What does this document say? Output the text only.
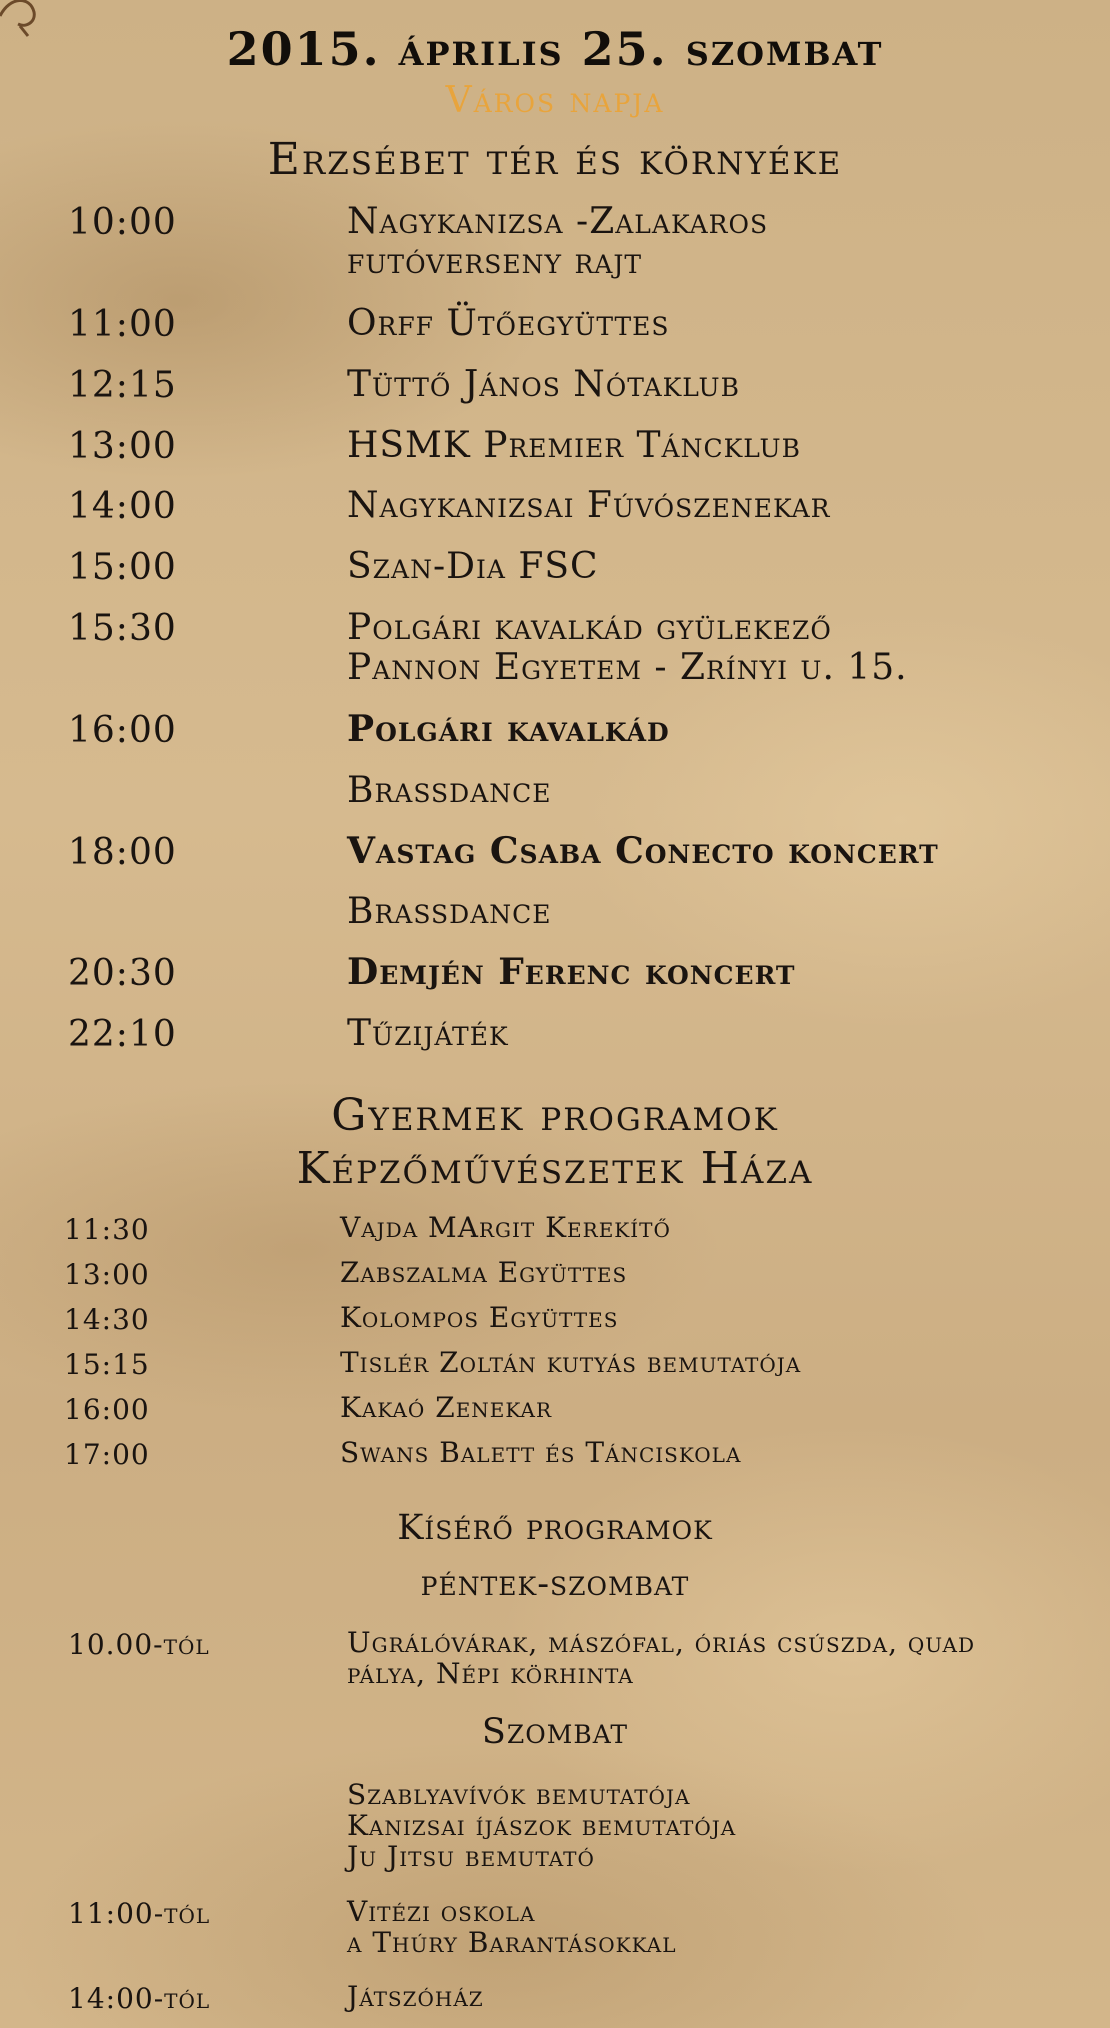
2015. április 25. szombat
Város napja
Erzsébet tér és környéke
10:00	Nagykanizsa -Zalakaros
futóverseny rajt
11:00	Orff Ütőegyüttes
12:15	Tüttő János Nótaklub
13:00	HSMK Premier Táncklub
14:00	Nagykanizsai Fúvószenekar
15:00	Szan-Dia FSC
15:30	Polgári kavalkád gyülekező
Pannon Egyetem - Zrínyi u. 15.
16:00	Polgári kavalkád
Brassdance
18:00	Vastag Csaba Conecto koncert
Brassdance
20:30	Demjén Ferenc koncert
22:10	Tűzijáték
Gyermek programok
Képzőművészetek Háza
11:30	Vajda MArgit Kerekítő
13:00	Zabszalma Együttes
14:30	Kolompos Együttes
15:15	Tislér Zoltán kutyás bemutatója
16:00	Kakaó Zenekar
17:00	Swans Balett és Tánciskola
Kísérő programok
péntek-szombat
10.00-tól	Ugrálóvárak, mászófal, óriás csúszda, quad
pálya, Népi körhinta
Szombat
Szablyavívók bemutatója
Kanizsai íjászok bemutatója
Ju Jitsu bemutató
11:00-tól	Vitézi oskola
a Thúry Barantásokkal
14:00-tól	Játszóház
